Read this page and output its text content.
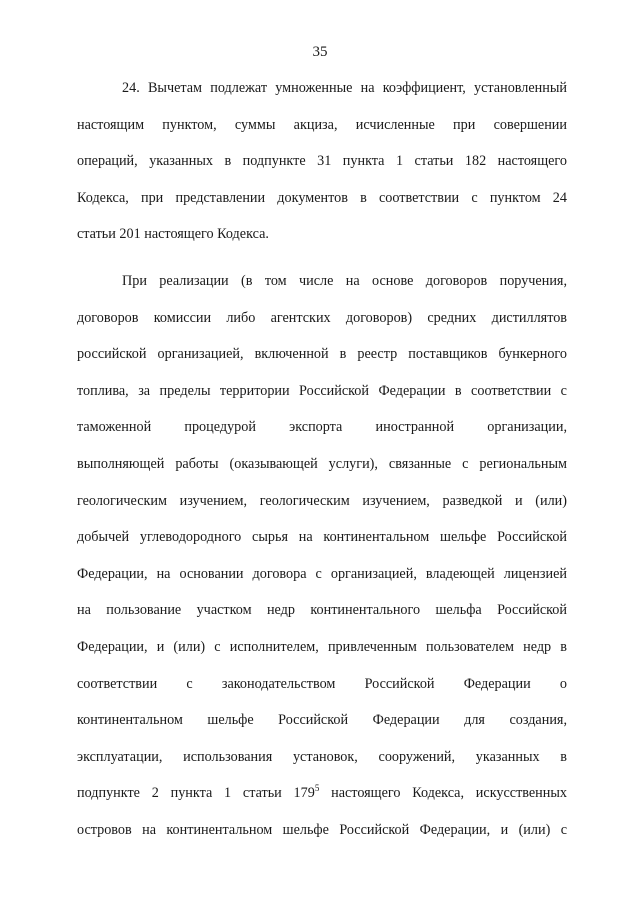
35
24. Вычетам подлежат умноженные на коэффициент, установленный
настоящим пунктом, суммы акциза, исчисленные при совершении
операций, указанных в подпункте 31 пункта 1 статьи 182 настоящего
Кодекса, при представлении документов в соответствии с пунктом 24
статьи 201 настоящего Кодекса.
При реализации (в том числе на основе договоров поручения,
договоров комиссии либо агентских договоров) средних дистиллятов
российской организацией, включенной в реестр поставщиков бункерного
топлива, за пределы территории Российской Федерации в соответствии с
таможенной процедурой экспорта иностранной организации,
выполняющей работы (оказывающей услуги), связанные с региональным
геологическим изучением, геологическим изучением, разведкой и (или)
добычей углеводородного сырья на континентальном шельфе Российской
Федерации, на основании договора с организацией, владеющей лицензией
на пользование участком недр континентального шельфа Российской
Федерации, и (или) с исполнителем, привлеченным пользователем недр в
соответствии с законодательством Российской Федерации о
континентальном шельфе Российской Федерации для создания,
эксплуатации, использования установок, сооружений, указанных в
подпункте 2 пункта 1 статьи $179^5$ настоящего Кодекса, искусственных
островов на континентальном шельфе Российской Федерации, и (или) с
